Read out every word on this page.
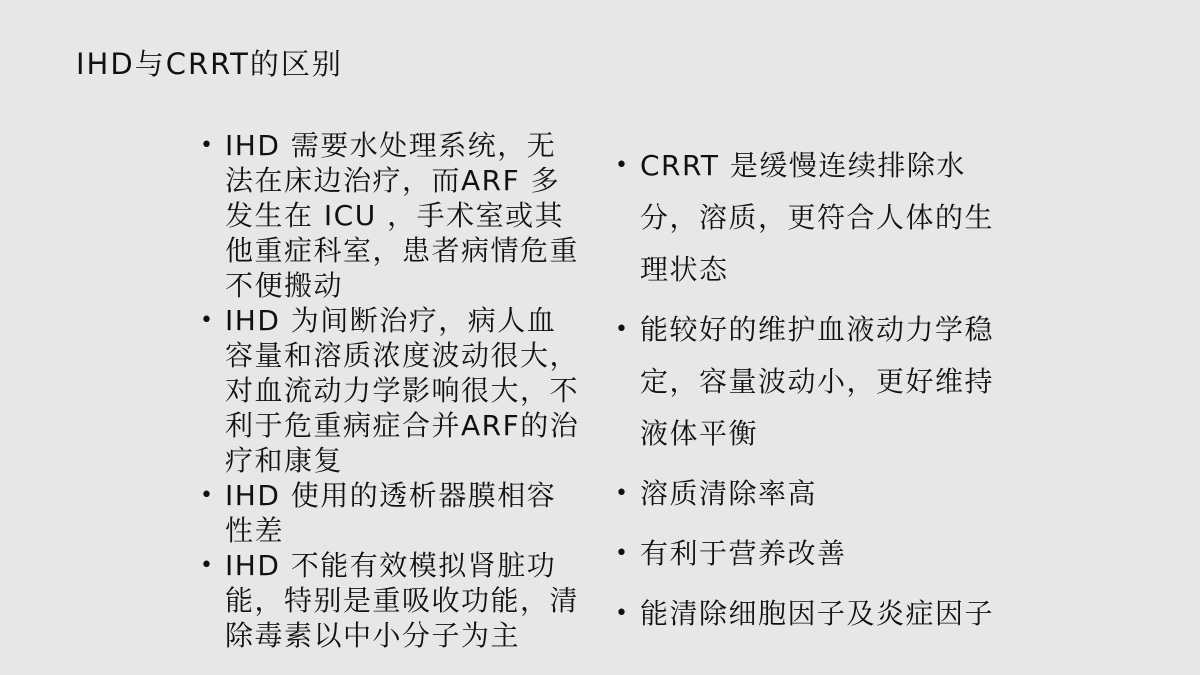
IHD与CRRT的区别
• IHD 需要水处理系统，无法在床边治疗，而ARF 多发生在 ICU ，手术室或其他重症科室，患者病情危重不便搬动
• IHD 为间断治疗，病人血容量和溶质浓度波动很大，对血流动力学影响很大，不利于危重病症合并ARF的治疗和康复
• IHD 使用的透析器膜相容性差
• IHD 不能有效模拟肾脏功能，特别是重吸收功能，清除毒素以中小分子为主
• CRRT 是缓慢连续排除水分，溶质，更符合人体的生理状态
• 能较好的维护血液动力学稳定，容量波动小，更好维持液体平衡
• 溶质清除率高
• 有利于营养改善
• 能清除细胞因子及炎症因子
